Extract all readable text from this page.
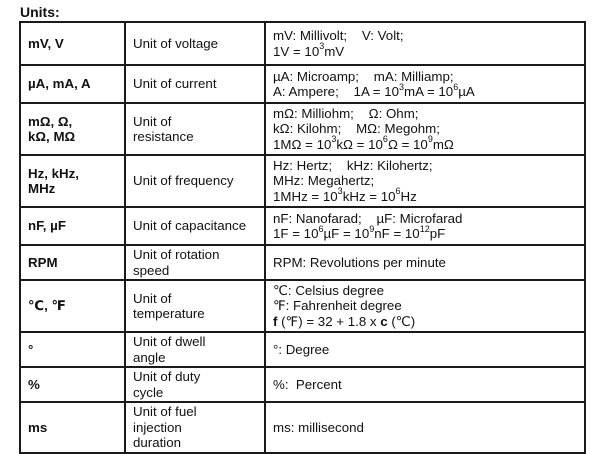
Units:
mV, V	Unit of voltage	mV: Millivolt;    V: Volt;
$1V = 10^3mV$

µA, mA, A	Unit of current	µA: Microamp;    mA: Milliamp;
A: Ampere;    $1A = 10^3mA = 10^6\mu A$

mΩ, Ω, kΩ, MΩ	Unit of resistance	mΩ: Milliohm;    Ω: Ohm;
kΩ: Kilohm;    MΩ: Megohm;
$1M\Omega = 10^3k\Omega = 10^6\Omega = 10^9m\Omega$

Hz, kHz, MHz	Unit of frequency	Hz: Hertz;    kHz: Kilohertz;
MHz: Megahertz;
$1MHz = 10^3kHz = 10^6Hz$

nF, µF	Unit of capacitance	nF: Nanofarad;    µF: Microfarad
$1F = 10^6\mu F = 10^9nF = 10^{12}pF$

RPM	Unit of rotation speed	RPM: Revolutions per minute

℃, ℉	Unit of temperature	℃: Celsius degree
℉: Fahrenheit degree
f (℉) = 32 + 1.8 x c (℃)

°	Unit of dwell angle	°: Degree

%	Unit of duty cycle	%:  Percent

ms	Unit of fuel injection duration	ms: millisecond
